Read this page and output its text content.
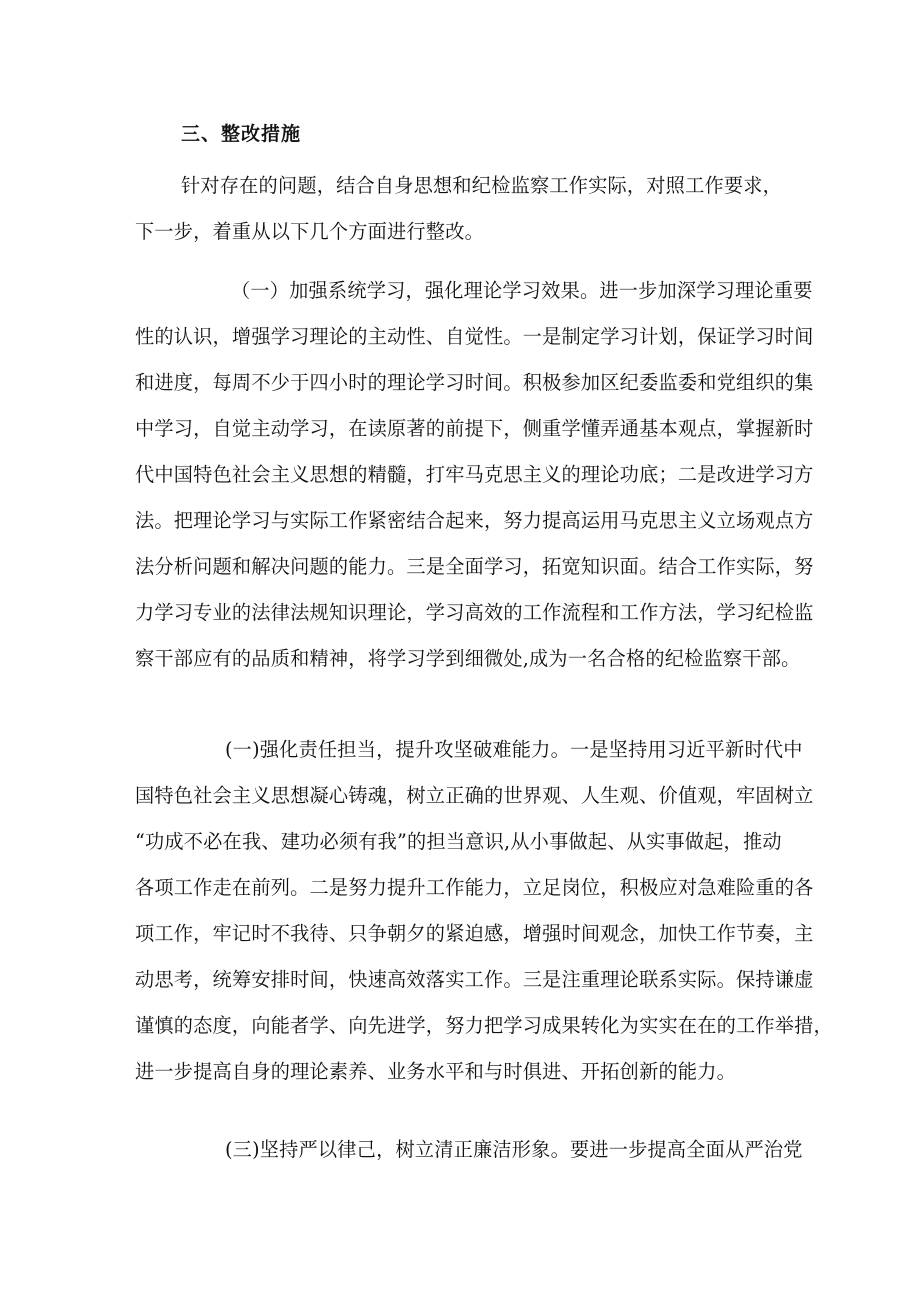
三、整改措施
针对存在的问题，结合自身思想和纪检监察工作实际，对照工作要求，
下一步，着重从以下几个方面进行整改。
（一）加强系统学习，强化理论学习效果。进一步加深学习理论重要
性的认识，增强学习理论的主动性、自觉性。一是制定学习计划，保证学习时间
和进度，每周不少于四小时的理论学习时间。积极参加区纪委监委和党组织的集
中学习，自觉主动学习，在读原著的前提下，侧重学懂弄通基本观点，掌握新时
代中国特色社会主义思想的精髓，打牢马克思主义的理论功底；二是改进学习方
法。把理论学习与实际工作紧密结合起来，努力提高运用马克思主义立场观点方
法分析问题和解决问题的能力。三是全面学习，拓宽知识面。结合工作实际，努
力学习专业的法律法规知识理论，学习高效的工作流程和工作方法，学习纪检监
察干部应有的品质和精神，将学习学到细微处,成为一名合格的纪检监察干部。
(一)强化责任担当，提升攻坚破难能力。一是坚持用习近平新时代中
国特色社会主义思想凝心铸魂，树立正确的世界观、人生观、价值观，牢固树立
“功成不必在我、建功必须有我”的担当意识,从小事做起、从实事做起，推动
各项工作走在前列。二是努力提升工作能力，立足岗位，积极应对急难险重的各
项工作，牢记时不我待、只争朝夕的紧迫感，增强时间观念，加快工作节奏，主
动思考，统筹安排时间，快速高效落实工作。三是注重理论联系实际。保持谦虚
谨慎的态度，向能者学、向先进学，努力把学习成果转化为实实在在的工作举措，
进一步提高自身的理论素养、业务水平和与时俱进、开拓创新的能力。
(三)坚持严以律己，树立清正廉洁形象。要进一步提高全面从严治党
